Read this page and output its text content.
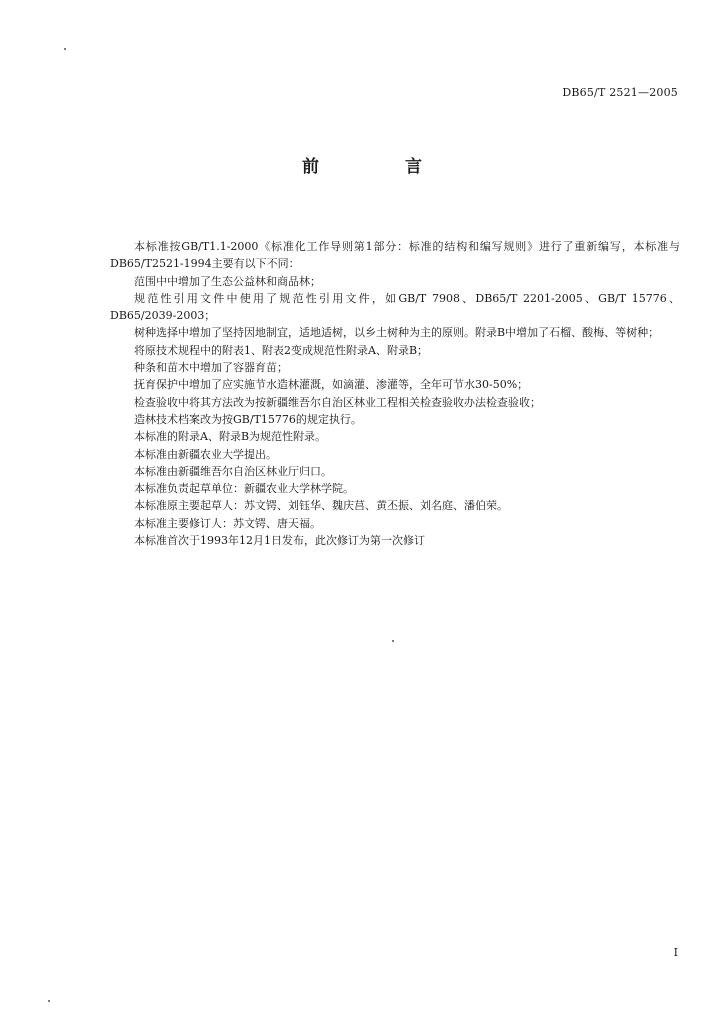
DB65/T 2521—2005
前 言

本标准按GB/T1.1-2000《标准化工作导则第1部分：标准的结构和编写规则》进行了重新编写，本标准与DB65/T2521-1994主要有以下不同：

范围中中增加了生态公益林和商品林；

规范性引用文件中使用了规范性引用文件，如GB/T 7908、DB65/T 2201-2005、GB/T 15776、DB65/2039-2003；

树种选择中增加了坚持因地制宜，适地适树，以乡土树种为主的原则。附录B中增加了石榴、酸梅、等树种；

将原技术规程中的附表1、附表2变成规范性附录A、附录B；

种条和苗木中增加了容器育苗；

抚育保护中增加了应实施节水造林灌溉，如滴灌、渗灌等，全年可节水30-50%；

检查验收中将其方法改为按新疆维吾尔自治区林业工程相关检查验收办法检查验收；

造林技术档案改为按GB/T15776的规定执行。

本标准的附录A、附录B为规范性附录。

本标准由新疆农业大学提出。

本标准由新疆维吾尔自治区林业厅归口。

本标准负责起草单位：新疆农业大学林学院。

本标准原主要起草人：苏文锷、刘钰华、魏庆莒、黄丕振、刘名庭、潘伯荣。

本标准主要修订人：苏文锷、唐天福。

本标准首次于1993年12月1日发布，此次修订为第一次修订

I
